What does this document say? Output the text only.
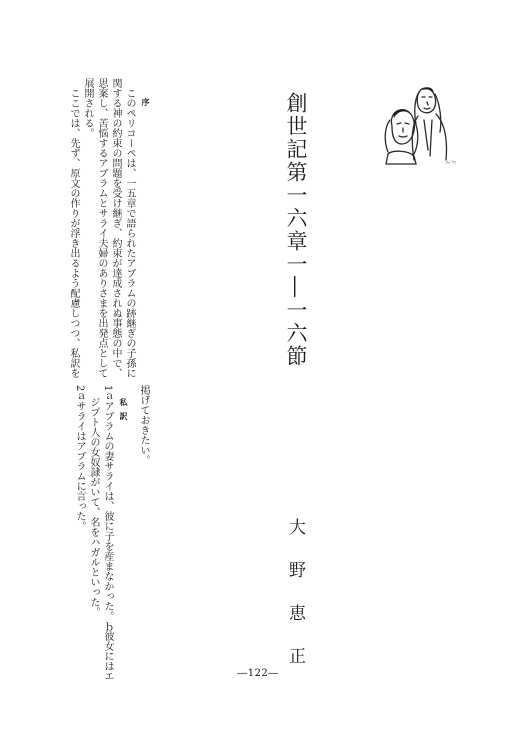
創世記第一六章一―一六節
大野恵正
ﾂｬﾟｸﾏ
序
このペリコーペは、一五章で語られたアブラムの跡継ぎの子孫に
関する神の約束の問題を受け継ぎ、約束が達成されぬ事態の中で、
思案し、苦悩するアブラムとサライ夫婦のありさまを出発点として
展開される。
ここでは、先ず、原文の作りが浮き出るよう配慮しつつ、私訳を
掲げておきたい。
私訳
1ａアブラムの妻サライは、彼に子を産まなかった。ｂ彼女にはエ
ジプト人の女奴隷がいて、名をハガルといった。
2ａサライはアブラムに言った。
―122―
